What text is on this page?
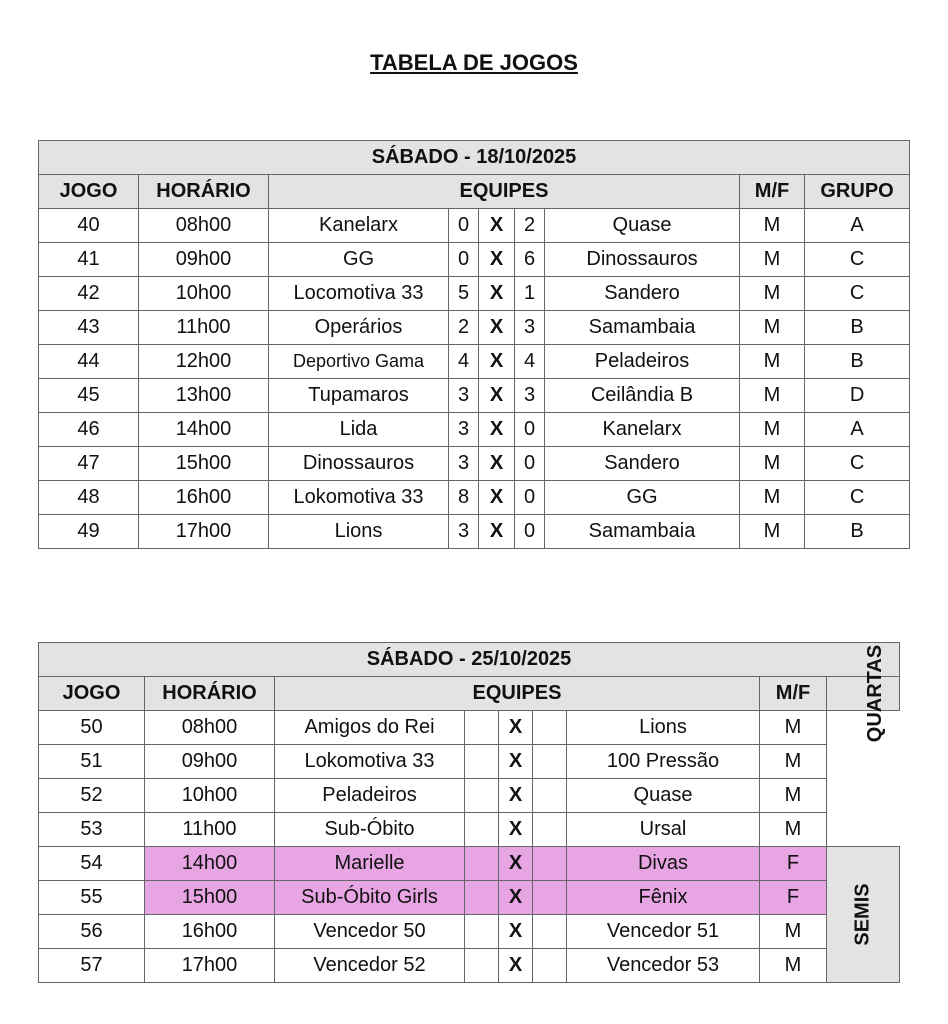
TABELA DE JOGOS
SÁBADO - 18/10/2025								
JOGO	HORÁRIO	EQUIPES					M/F	GRUPO
40	08h00	Kanelarx	0	X	2	Quase	M	A
41	09h00	GG	0	X	6	Dinossauros	M	C
42	10h00	Locomotiva 33	5	X	1	Sandero	M	C
43	11h00	Operários	2	X	3	Samambaia	M	B
44	12h00	Deportivo Gama	4	X	4	Peladeiros	M	B
45	13h00	Tupamaros	3	X	3	Ceilândia B	M	D
46	14h00	Lida	3	X	0	Kanelarx	M	A
47	15h00	Dinossauros	3	X	0	Sandero	M	C
48	16h00	Lokomotiva 33	8	X	0	GG	M	C
49	17h00	Lions	3	X	0	Samambaia	M	B
SÁBADO - 25/10/2025								
JOGO	HORÁRIO	EQUIPES					M/F	QUARTAS
50	08h00	Amigos do Rei		X		Lions	M	
51	09h00	Lokomotiva 33		X		100 Pressão	M	
52	10h00	Peladeiros		X		Quase	M	
53	11h00	Sub-Óbito		X		Ursal	M	
54	14h00	Marielle		X		Divas	F	SEMIS
55	15h00	Sub-Óbito Girls		X		Fênix	F	
56	16h00	Vencedor 50		X		Vencedor 51	M	
57	17h00	Vencedor 52		X		Vencedor 53	M	
